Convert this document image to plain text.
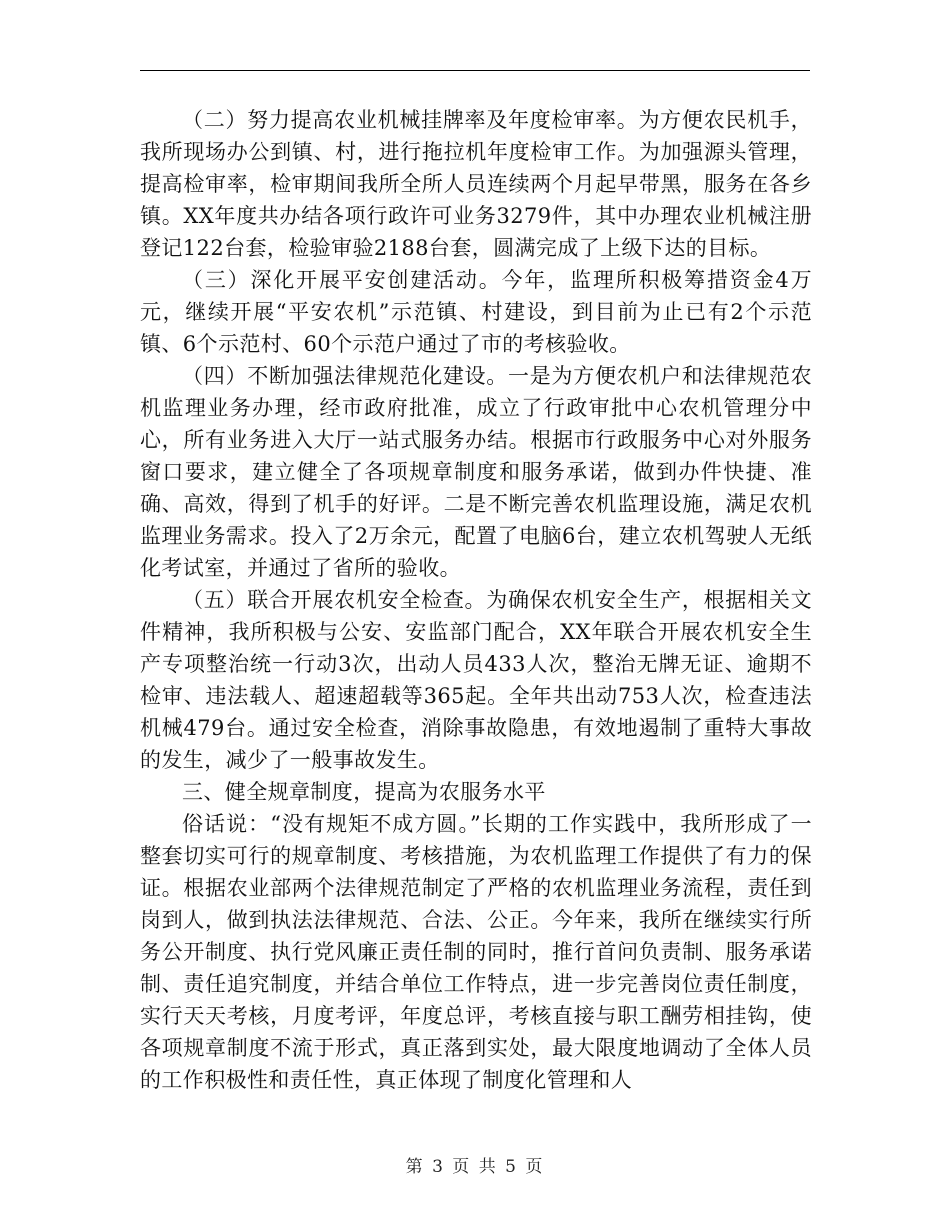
（二）努力提高农业机械挂牌率及年度检审率。为方便农民机手，我所现场办公到镇、村，进行拖拉机年度检审工作。为加强源头管理，提高检审率，检审期间我所全所人员连续两个月起早带黑，服务在各乡镇。XX年度共办结各项行政许可业务3279件，其中办理农业机械注册登记122台套，检验审验2188台套，圆满完成了上级下达的目标。

（三）深化开展平安创建活动。今年，监理所积极筹措资金4万元，继续开展“平安农机”示范镇、村建设，到目前为止已有2个示范镇、6个示范村、60个示范户通过了市的考核验收。

（四）不断加强法律规范化建设。一是为方便农机户和法律规范农机监理业务办理，经市政府批准，成立了行政审批中心农机管理分中心，所有业务进入大厅一站式服务办结。根据市行政服务中心对外服务窗口要求，建立健全了各项规章制度和服务承诺，做到办件快捷、准确、高效，得到了机手的好评。二是不断完善农机监理设施，满足农机监理业务需求。投入了2万余元，配置了电脑6台，建立农机驾驶人无纸化考试室，并通过了省所的验收。

（五）联合开展农机安全检查。为确保农机安全生产，根据相关文件精神，我所积极与公安、安监部门配合，XX年联合开展农机安全生产专项整治统一行动3次，出动人员433人次，整治无牌无证、逾期不检审、违法载人、超速超载等365起。全年共出动753人次，检查违法机械479台。通过安全检查，消除事故隐患，有效地遏制了重特大事故的发生，减少了一般事故发生。

三、健全规章制度，提高为农服务水平

俗话说：“没有规矩不成方圆。”长期的工作实践中，我所形成了一整套切实可行的规章制度、考核措施，为农机监理工作提供了有力的保证。根据农业部两个法律规范制定了严格的农机监理业务流程，责任到岗到人，做到执法法律规范、合法、公正。今年来，我所在继续实行所务公开制度、执行党风廉正责任制的同时，推行首问负责制、服务承诺制、责任追究制度，并结合单位工作特点，进一步完善岗位责任制度，实行天天考核，月度考评，年度总评，考核直接与职工酬劳相挂钩，使各项规章制度不流于形式，真正落到实处，最大限度地调动了全体人员的工作积极性和责任性，真正体现了制度化管理和人

第 3 页 共 5 页
